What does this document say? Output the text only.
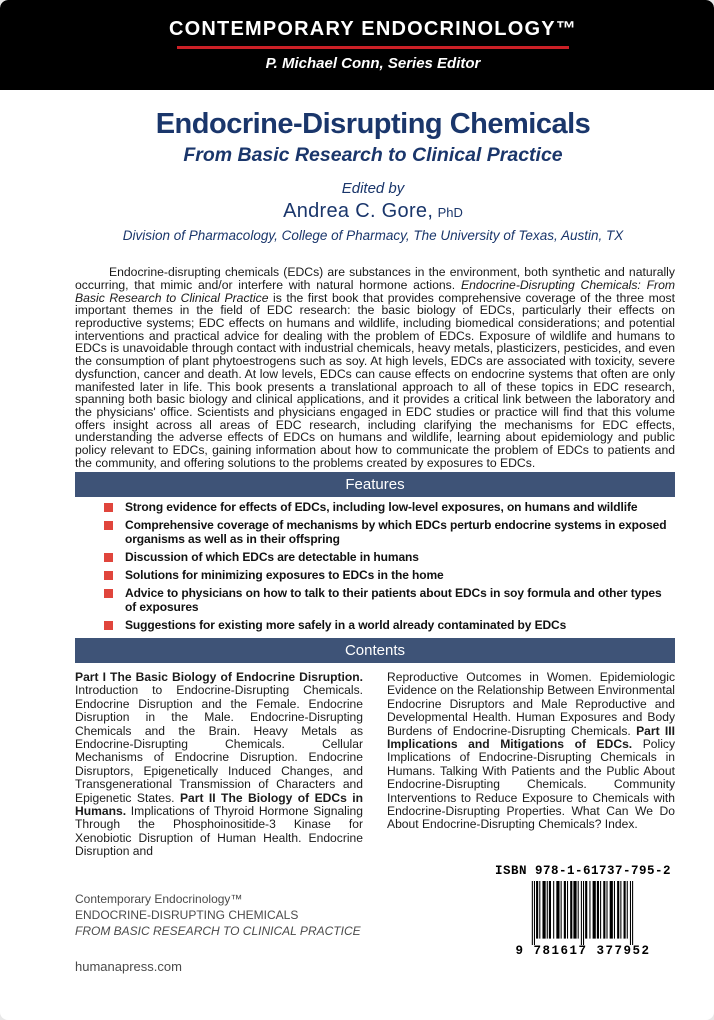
CONTEMPORARY ENDOCRINOLOGY™
P. Michael Conn, Series Editor
Endocrine-Disrupting Chemicals
From Basic Research to Clinical Practice
Edited by
Andrea C. Gore, PhD
Division of Pharmacology, College of Pharmacy, The University of Texas, Austin, TX

Endocrine-disrupting chemicals (EDCs) are substances in the environment, both synthetic and naturally occurring, that mimic and/or interfere with natural hormone actions. Endocrine-Disrupting Chemicals: From Basic Research to Clinical Practice is the first book that provides comprehensive coverage of the three most important themes in the field of EDC research: the basic biology of EDCs, particularly their effects on reproductive systems; EDC effects on humans and wildlife, including biomedical considerations; and potential interventions and practical advice for dealing with the problem of EDCs. Exposure of wildlife and humans to EDCs is unavoidable through contact with industrial chemicals, heavy metals, plasticizers, pesticides, and even the consumption of plant phytoestrogens such as soy. At high levels, EDCs are associated with toxicity, severe dysfunction, cancer and death. At low levels, EDCs can cause effects on endocrine systems that often are only manifested later in life. This book presents a translational approach to all of these topics in EDC research, spanning both basic biology and clinical applications, and it provides a critical link between the laboratory and the physicians' office. Scientists and physicians engaged in EDC studies or practice will find that this volume offers insight across all areas of EDC research, including clarifying the mechanisms for EDC effects, understanding the adverse effects of EDCs on humans and wildlife, learning about epidemiology and public policy relevant to EDCs, gaining information about how to communicate the problem of EDCs to patients and the community, and offering solutions to the problems created by exposures to EDCs.

Features
Strong evidence for effects of EDCs, including low-level exposures, on humans and wildlife
Comprehensive coverage of mechanisms by which EDCs perturb endocrine systems in exposed organisms as well as in their offspring
Discussion of which EDCs are detectable in humans
Solutions for minimizing exposures to EDCs in the home
Advice to physicians on how to talk to their patients about EDCs in soy formula and other types of exposures
Suggestions for existing more safely in a world already contaminated by EDCs
Contents
Part I The Basic Biology of Endocrine Disruption. Introduction to Endocrine-Disrupting Chemicals. Endocrine Disruption and the Female. Endocrine Disruption in the Male. Endocrine-Disrupting Chemicals and the Brain. Heavy Metals as Endocrine-Disrupting Chemicals. Cellular Mechanisms of Endocrine Disruption. Endocrine Disruptors, Epigenetically Induced Changes, and Transgenerational Transmission of Characters and Epigenetic States. Part II The Biology of EDCs in Humans. Implications of Thyroid Hormone Signaling Through the Phosphoinositide-3 Kinase for Xenobiotic Disruption of Human Health. Endocrine Disruption and
Reproductive Outcomes in Women. Epidemiologic Evidence on the Relationship Between Environmental Endocrine Disruptors and Male Reproductive and Developmental Health. Human Exposures and Body Burdens of Endocrine-Disrupting Chemicals. Part III Implications and Mitigations of EDCs. Policy Implications of Endocrine-Disrupting Chemicals in Humans. Talking With Patients and the Public About Endocrine-Disrupting Chemicals. Community Interventions to Reduce Exposure to Chemicals with Endocrine-Disrupting Properties. What Can We Do About Endocrine-Disrupting Chemicals? Index.
Contemporary Endocrinology™
ENDOCRINE-DISRUPTING CHEMICALS
FROM BASIC RESEARCH TO CLINICAL PRACTICE
humanapress.com
ISBN 978-1-61737-795-2
9 781617 377952
